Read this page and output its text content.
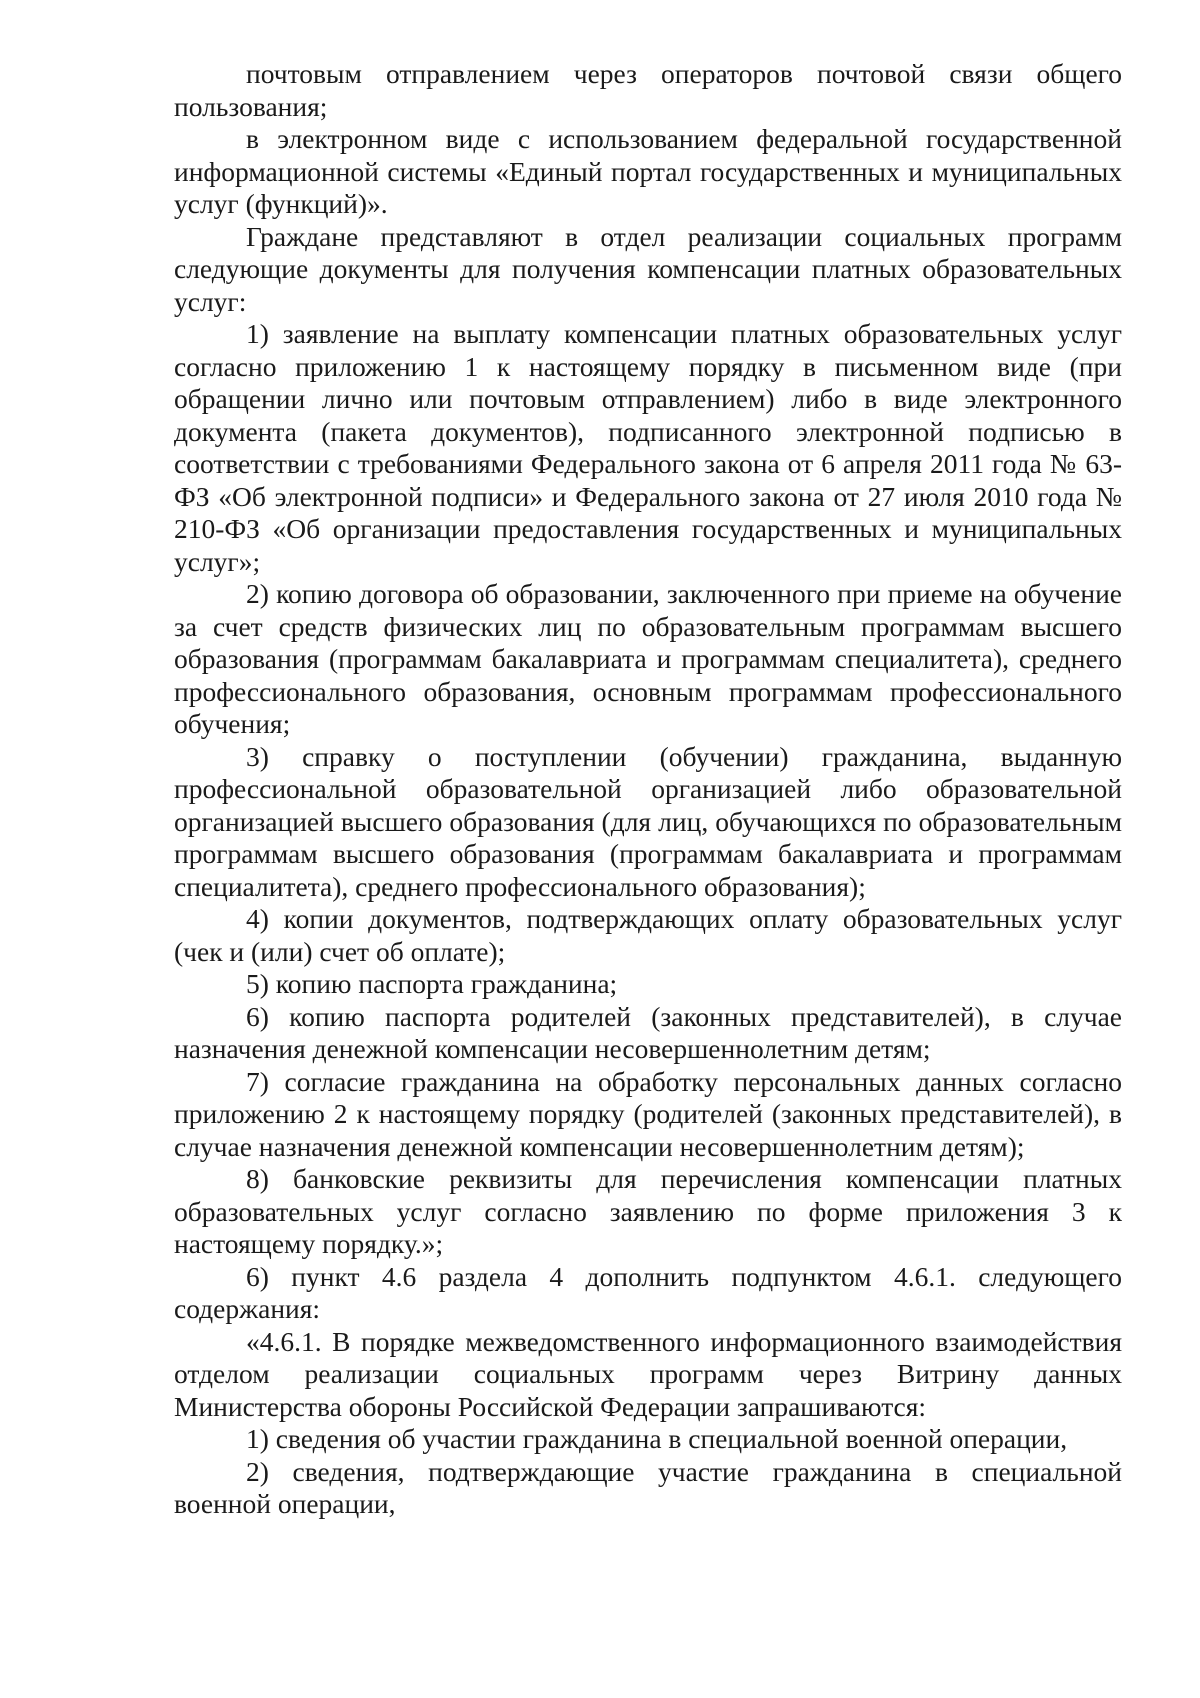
почтовым отправлением через операторов почтовой связи общего пользования;

в электронном виде с использованием федеральной государственной информационной системы «Единый портал государственных и муниципальных услуг (функций)».

Граждане представляют в отдел реализации социальных программ следующие документы для получения компенсации платных образовательных услуг:

1) заявление на выплату компенсации платных образовательных услуг согласно приложению 1 к настоящему порядку в письменном виде (при обращении лично или почтовым отправлением) либо в виде электронного документа (пакета документов), подписанного электронной подписью в соответствии с требованиями Федерального закона от 6 апреля 2011 года № 63-ФЗ «Об электронной подписи» и Федерального закона от 27 июля 2010 года № 210-ФЗ «Об организации предоставления государственных и муниципальных услуг»;

2) копию договора об образовании, заключенного при приеме на обучение за счет средств физических лиц по образовательным программам высшего образования (программам бакалавриата и программам специалитета), среднего профессионального образования, основным программам профессионального обучения;

3) справку о поступлении (обучении) гражданина, выданную профессиональной образовательной организацией либо образовательной организацией высшего образования (для лиц, обучающихся по образовательным программам высшего образования (программам бакалавриата и программам специалитета), среднего профессионального образования);

4) копии документов, подтверждающих оплату образовательных услуг (чек и (или) счет об оплате);

5) копию паспорта гражданина;

6) копию паспорта родителей (законных представителей), в случае назначения денежной компенсации несовершеннолетним детям;

7) согласие гражданина на обработку персональных данных согласно приложению 2 к настоящему порядку (родителей (законных представителей), в случае назначения денежной компенсации несовершеннолетним детям);

8) банковские реквизиты для перечисления компенсации платных образовательных услуг согласно заявлению по форме приложения 3 к настоящему порядку.»;

6) пункт 4.6 раздела 4 дополнить подпунктом 4.6.1. следующего содержания:

«4.6.1. В порядке межведомственного информационного взаимодействия отделом реализации социальных программ через Витрину данных Министерства обороны Российской Федерации запрашиваются:

1) сведения об участии гражданина в специальной военной операции,

2) сведения, подтверждающие участие гражданина в специальной военной операции,
